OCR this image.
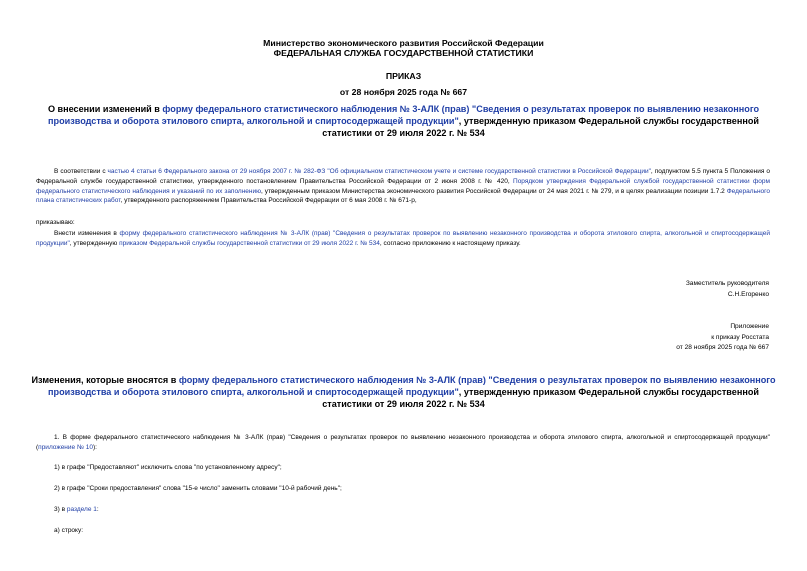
Министерство экономического развития Российской Федерации
ФЕДЕРАЛЬНАЯ СЛУЖБА ГОСУДАРСТВЕННОЙ СТАТИСТИКИ
ПРИКАЗ
от 28 ноября 2025 года № 667
О внесении изменений в форму федерального статистического наблюдения № 3-АЛК (прав) "Сведения о результатах проверок по выявлению незаконного производства и оборота этилового спирта, алкогольной и спиртосодержащей продукции", утвержденную приказом Федеральной службы государственной статистики от 29 июля 2022 г. № 534
В соответствии с частью 4 статьи 6 Федерального закона от 29 ноября 2007 г. № 282-ФЗ "Об официальном статистическом учете и системе государственной статистики в Российской Федерации", подпунктом 5.5 пункта 5 Положения о Федеральной службе государственной статистики, утвержденного постановлением Правительства Российской Федерации от 2 июня 2008 г. № 420, Порядком утверждения Федеральной службой государственной статистики форм федерального статистического наблюдения и указаний по их заполнению, утвержденным приказом Министерства экономического развития Российской Федерации от 24 мая 2021 г. № 279, и в целях реализации позиции 1.7.2 Федерального плана статистических работ, утвержденного распоряжением Правительства Российской Федерации от 6 мая 2008 г. № 671-р,
приказываю:
Внести изменения в форму федерального статистического наблюдения № 3-АЛК (прав) "Сведения о результатах проверок по выявлению незаконного производства и оборота этилового спирта, алкогольной и спиртосодержащей продукции", утвержденную приказом Федеральной службы государственной статистики от 29 июля 2022 г. № 534, согласно приложению к настоящему приказу.
Заместитель руководителя
С.Н.Егоренко
Приложение
к приказу Росстата
от 28 ноября 2025 года № 667
Изменения, которые вносятся в форму федерального статистического наблюдения № 3-АЛК (прав) "Сведения о результатах проверок по выявлению незаконного производства и оборота этилового спирта, алкогольной и спиртосодержащей продукции", утвержденную приказом Федеральной службы государственной статистики от 29 июля 2022 г. № 534
1. В форме федерального статистического наблюдения № 3-АЛК (прав) "Сведения о результатах проверок по выявлению незаконного производства и оборота этилового спирта, алкогольной и спиртосодержащей продукции" (приложение № 10):
1) в графе "Предоставляют" исключить слова "по установленному адресу";
2) в графе "Сроки предоставления" слова "15-е число" заменить словами "10-й рабочий день";
3) в разделе 1:
а) строку:
